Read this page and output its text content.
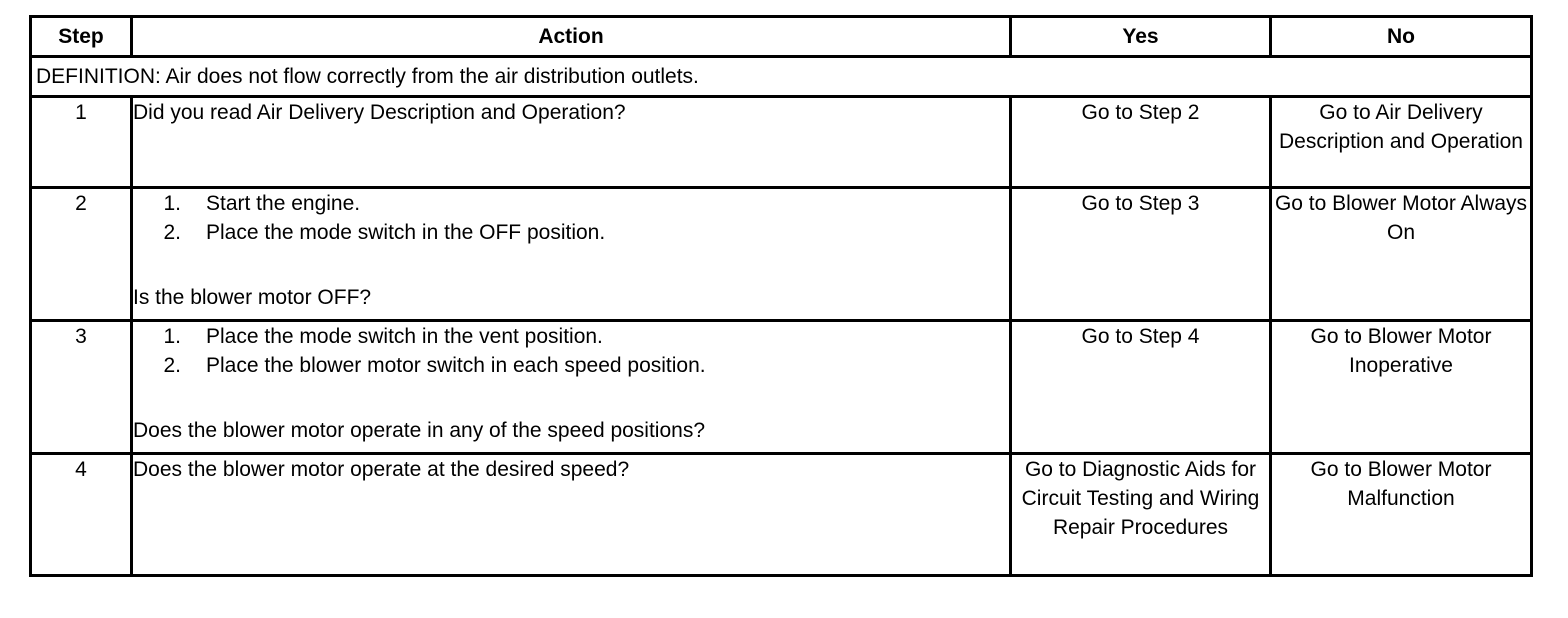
Step	Action	Yes	No
DEFINITION: Air does not flow correctly from the air distribution outlets.			
1	Did you read Air Delivery Description and Operation?	Go to Step 2	Go to Air Delivery Description and Operation
2	1. Start the engine.
2. Place the mode switch in the OFF position.
Is the blower motor OFF?	Go to Step 3	Go to Blower Motor Always On
3	1. Place the mode switch in the vent position.
2. Place the blower motor switch in each speed position.
Does the blower motor operate in any of the speed positions?	Go to Step 4	Go to Blower Motor Inoperative
4	Does the blower motor operate at the desired speed?	Go to Diagnostic Aids for Circuit Testing and Wiring Repair Procedures	Go to Blower Motor Malfunction
